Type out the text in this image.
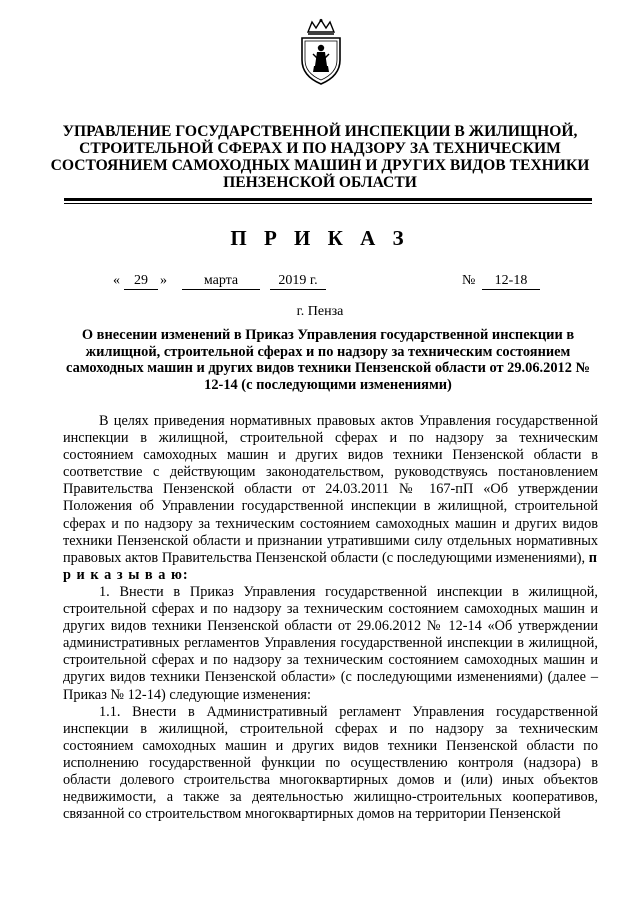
УПРАВЛЕНИЕ ГОСУДАРСТВЕННОЙ ИНСПЕКЦИИ В ЖИЛИЩНОЙ, СТРОИТЕЛЬНОЙ СФЕРАХ И ПО НАДЗОРУ ЗА ТЕХНИЧЕСКИМ СОСТОЯНИЕМ САМОХОДНЫХ МАШИН И ДРУГИХ ВИДОВ ТЕХНИКИ ПЕНЗЕНСКОЙ ОБЛАСТИ
П Р И К А З
«	29 »	марта	2019 г.	№	12-18
г. Пенза
О внесении изменений в Приказ Управления государственной инспекции в жилищной, строительной сферах и по надзору за техническим состоянием самоходных машин и других видов техники Пензенской области от 29.06.2012 № 12-14 (с последующими изменениями)

В целях приведения нормативных правовых актов Управления государственной инспекции в жилищной, строительной сферах и по надзору за техническим состоянием самоходных машин и других видов техники Пензенской области в соответствие с действующим законодательством, руководствуясь постановлением Правительства Пензенской области от 24.03.2011 № 167-пП «Об утверждении Положения об Управлении государственной инспекции в жилищной, строительной сферах и по надзору за техническим состоянием самоходных машин и других видов техники Пензенской области и признании утратившими силу отдельных нормативных правовых актов Правительства Пензенской области (с последующими изменениями), п р и к а з ы в а ю:

1. Внести в Приказ Управления государственной инспекции в жилищной, строительной сферах и по надзору за техническим состоянием самоходных машин и других видов техники Пензенской области от 29.06.2012 № 12-14 «Об утверждении административных регламентов Управления государственной инспекции в жилищной, строительной сферах и по надзору за техническим состоянием самоходных машин и других видов техники Пензенской области» (с последующими изменениями) (далее – Приказ № 12-14) следующие изменения:

1.1. Внести в Административный регламент Управления государственной инспекции в жилищной, строительной сферах и по надзору за техническим состоянием самоходных машин и других видов техники Пензенской области по исполнению государственной функции по осуществлению контроля (надзора) в области долевого строительства многоквартирных домов и (или) иных объектов недвижимости, а также за деятельностью жилищно-строительных кооперативов, связанной со строительством многоквартирных домов на территории Пензенской
